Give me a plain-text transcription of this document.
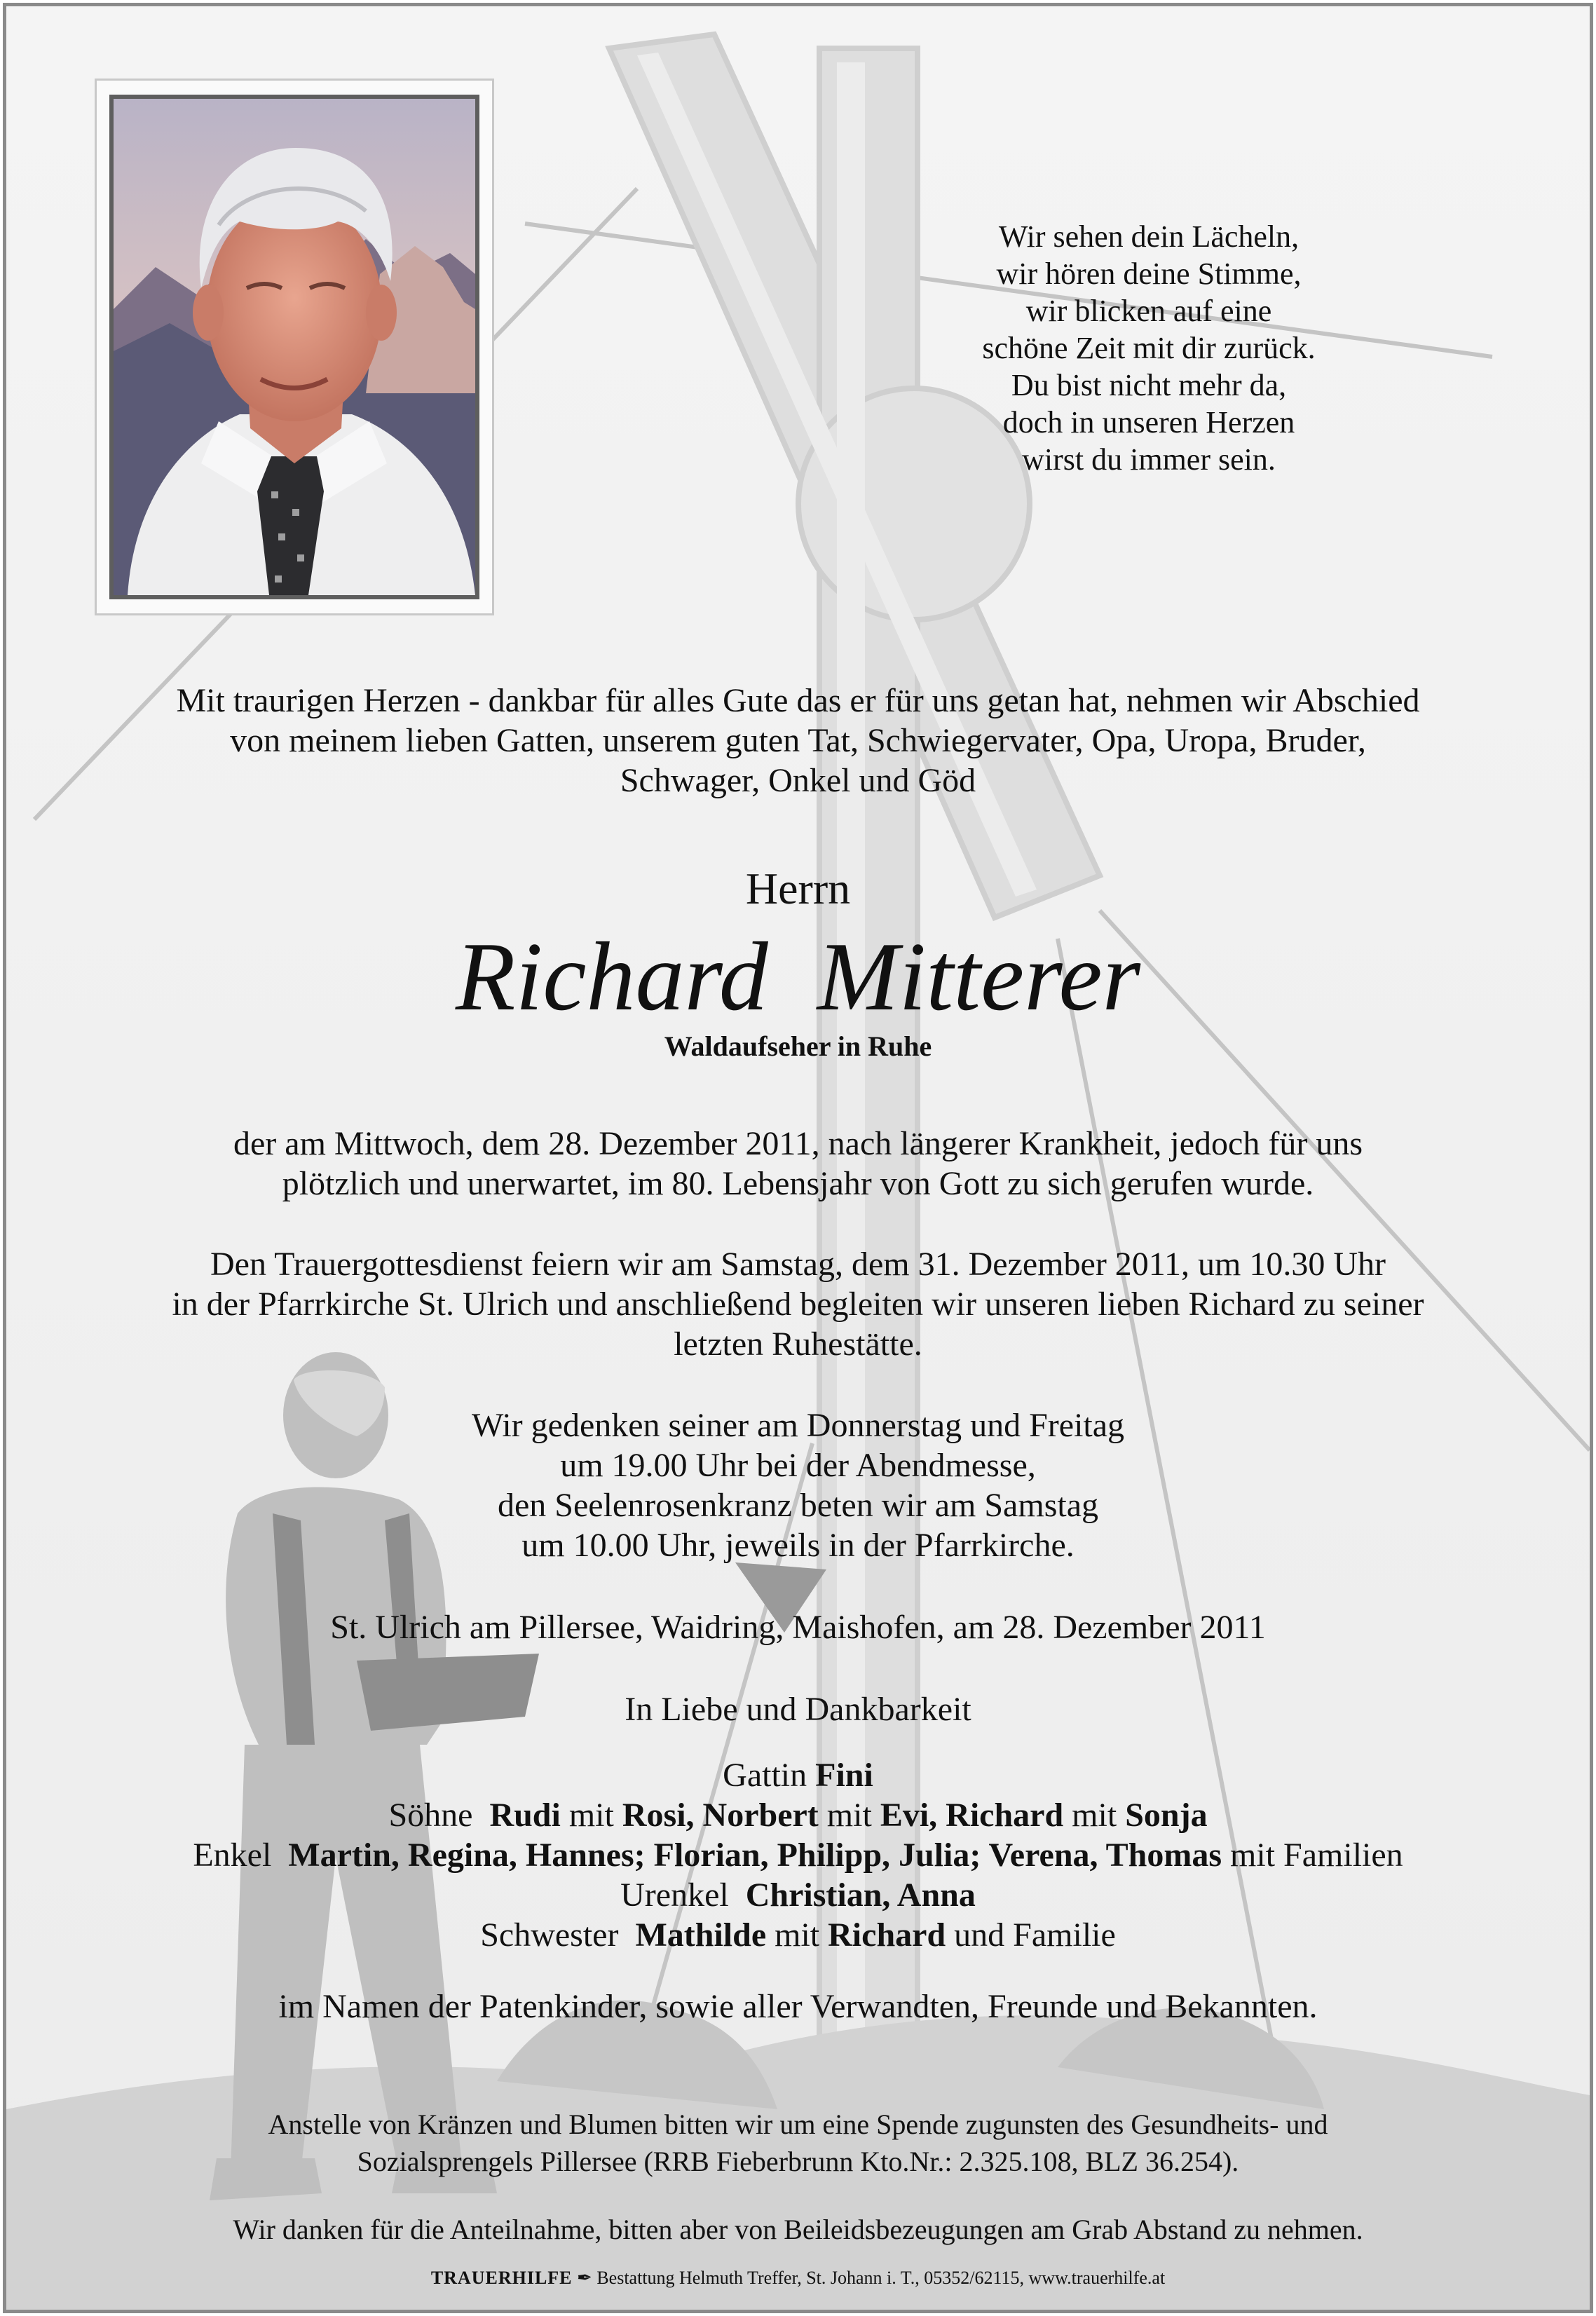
Wir sehen dein Lächeln,
wir hören deine Stimme,
wir blicken auf eine
schöne Zeit mit dir zurück.
Du bist nicht mehr da,
doch in unseren Herzen
wirst du immer sein.
Mit traurigen Herzen - dankbar für alles Gute das er für uns getan hat, nehmen wir Abschied
von meinem lieben Gatten, unserem guten Tat, Schwiegervater, Opa, Uropa, Bruder,
Schwager, Onkel und Göd
Herrn
Richard Mitterer
Waldaufseher in Ruhe
der am Mittwoch, dem 28. Dezember 2011, nach längerer Krankheit, jedoch für uns
plötzlich und unerwartet, im 80. Lebensjahr von Gott zu sich gerufen wurde.
Den Trauergottesdienst feiern wir am Samstag, dem 31. Dezember 2011, um 10.30 Uhr
in der Pfarrkirche St. Ulrich und anschließend begleiten wir unseren lieben Richard zu seiner
letzten Ruhestätte.
Wir gedenken seiner am Donnerstag und Freitag
um 19.00 Uhr bei der Abendmesse,
den Seelenrosenkranz beten wir am Samstag
um 10.00 Uhr, jeweils in der Pfarrkirche.
St. Ulrich am Pillersee, Waidring, Maishofen, am 28. Dezember 2011
In Liebe und Dankbarkeit
Gattin Fini
Söhne Rudi mit Rosi, Norbert mit Evi, Richard mit Sonja
Enkel Martin, Regina, Hannes; Florian, Philipp, Julia; Verena, Thomas mit Familien
Urenkel Christian, Anna
Schwester Mathilde mit Richard und Familie
im Namen der Patenkinder, sowie aller Verwandten, Freunde und Bekannten.
Anstelle von Kränzen und Blumen bitten wir um eine Spende zugunsten des Gesundheits- und
Sozialsprengels Pillersee (RRB Fieberbrunn Kto.Nr.: 2.325.108, BLZ 36.254).
Wir danken für die Anteilnahme, bitten aber von Beileidsbezeugungen am Grab Abstand zu nehmen.
TRAUERHILFE ✒ Bestattung Helmuth Treffer, St. Johann i. T., 05352/62115, www.trauerhilfe.at
